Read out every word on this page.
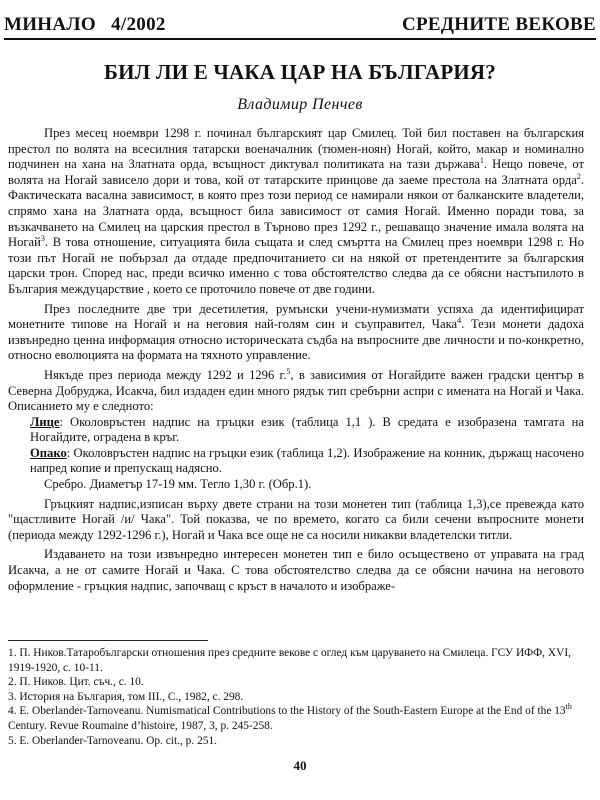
МИНАЛО   4/2002	СРЕДНИТЕ ВЕКОВЕ
БИЛ ЛИ Е ЧАКА ЦАР НА БЪЛГАРИЯ?
Владимир Пенчев

През месец ноември 1298 г. починал българският цар Смилец. Той бил поставен на българския престол по волята на всесилния татарски военачалник (тюмен-ноян) Ногай, който, макар и номинално подчинен на хана на Златната орда, всъщност диктувал политиката на тази държава$^1$. Нещо повече, от волята на Ногай зависело дори и това, кой от татарските принцове да заеме престола на Златната орда$^2$. Фактическата васална зависимост, в която през този период се намирали някои от балканските владетели, спрямо хана на Златната орда, всъщност била зависимост от самия Ногай. Именно поради това, за възкачването на Смилец на царския престол в Търново през 1292 г., решаващо значение имала волята на Ногай$^3$. В това отношение, ситуацията била същата и след смъртта на Смилец през ноември 1298 г. Но този път Ногай не побързал да отдаде предпочитанието си на някой от претендентите за българския царски трон. Според нас, преди всичко именно с това обстоятелство следва да се обясни настъпилото в България междуцарствие , което се проточило повече от две години.

През последните две три десетилетия, румънски учени-нумизмати успяха да идентифицират монетните типове на Ногай и на неговия най-голям син и съуправител, Чака$^4$. Тези монети дадоха извънредно ценна информация относно историческата съдба на въпросните две личности и по-конкретно, относно еволюцията на формата на тяхното управление.

Някъде през периода между 1292 и 1296 г.$^5$, в зависимия от Ногайдите важен градски център в Северна Добруджа, Исакча, бил издаден един много рядък тип сребърни аспри с имената на Ногай и Чака. Описанието му е следното:

Лице: Околовръстен надпис на гръцки език (таблица 1,1 ). В средата е изобразена тамгата на Ногайдите, оградена в кръг.

Опако: Околовръстен надпис на гръцки език (таблица 1,2). Изображение на конник, държащ насочено напред копие и препускащ надясно.

Сребро. Диаметър 17-19 мм. Тегло 1,30 г. (Обр.1).

Гръцкият надпис,изписан върху двете страни на този монетен тип (таблица 1,3),се превежда като "щастливите Ногай /и/ Чака". Той показва, че по времето, когато са били сечени въпросните монети (периода между 1292-1296 г.), Ногай и Чака все още не са носили никакви владетелски титли.

Издаването на този извънредно интересен монетен тип е било осъществено от управата на град Исакча, а не от самите Ногай и Чака. С това обстоятелство следва да се обясни начина на неговото оформление - гръцкия надпис, започващ с кръст в началото и изображе-

1. П. Ников.Татаробългарски отношения през средните векове с оглед към царуването на Смилеца. ГСУ ИФФ, XVI, 1919-1920, с. 10-11.
2. П. Ников. Цит. съч., с. 10.
3. История на България, том III., С., 1982, с. 298.
4. E. Oberlander-Tarnoveanu. Numismatical Contributions to the History of the South-Eastern Europe at the End of the 13th Century. Revue Roumaine d’histoire, 1987, 3, p. 245-258.
5. E. Oberlander-Tarnoveanu. Op. cit., p. 251.
40
